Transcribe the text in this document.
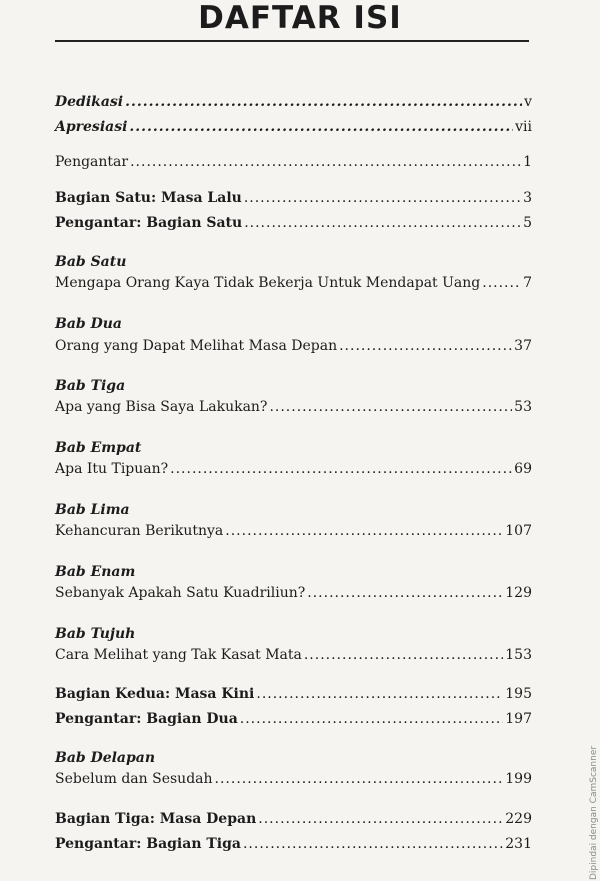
DAFTAR ISI
Dedikasi .....	v
Apresiasi .....	vii
Pengantar .....	1
Bagian Satu: Masa Lalu .....	3
Pengantar: Bagian Satu .....	5
Bab Satu
Mengapa Orang Kaya Tidak Bekerja Untuk Mendapat Uang .....	7
Bab Dua
Orang yang Dapat Melihat Masa Depan .....	37
Bab Tiga
Apa yang Bisa Saya Lakukan? .....	53
Bab Empat
Apa Itu Tipuan? .....	69
Bab Lima
Kehancuran Berikutnya .....	107
Bab Enam
Sebanyak Apakah Satu Kuadriliun? .....	129
Bab Tujuh
Cara Melihat yang Tak Kasat Mata .....	153
Bagian Kedua: Masa Kini .....	195
Pengantar: Bagian Dua .....	197
Bab Delapan
Sebelum dan Sesudah .....	199
Bagian Tiga: Masa Depan .....	229
Pengantar: Bagian Tiga .....	231	Dipindai dengan CamScanner
